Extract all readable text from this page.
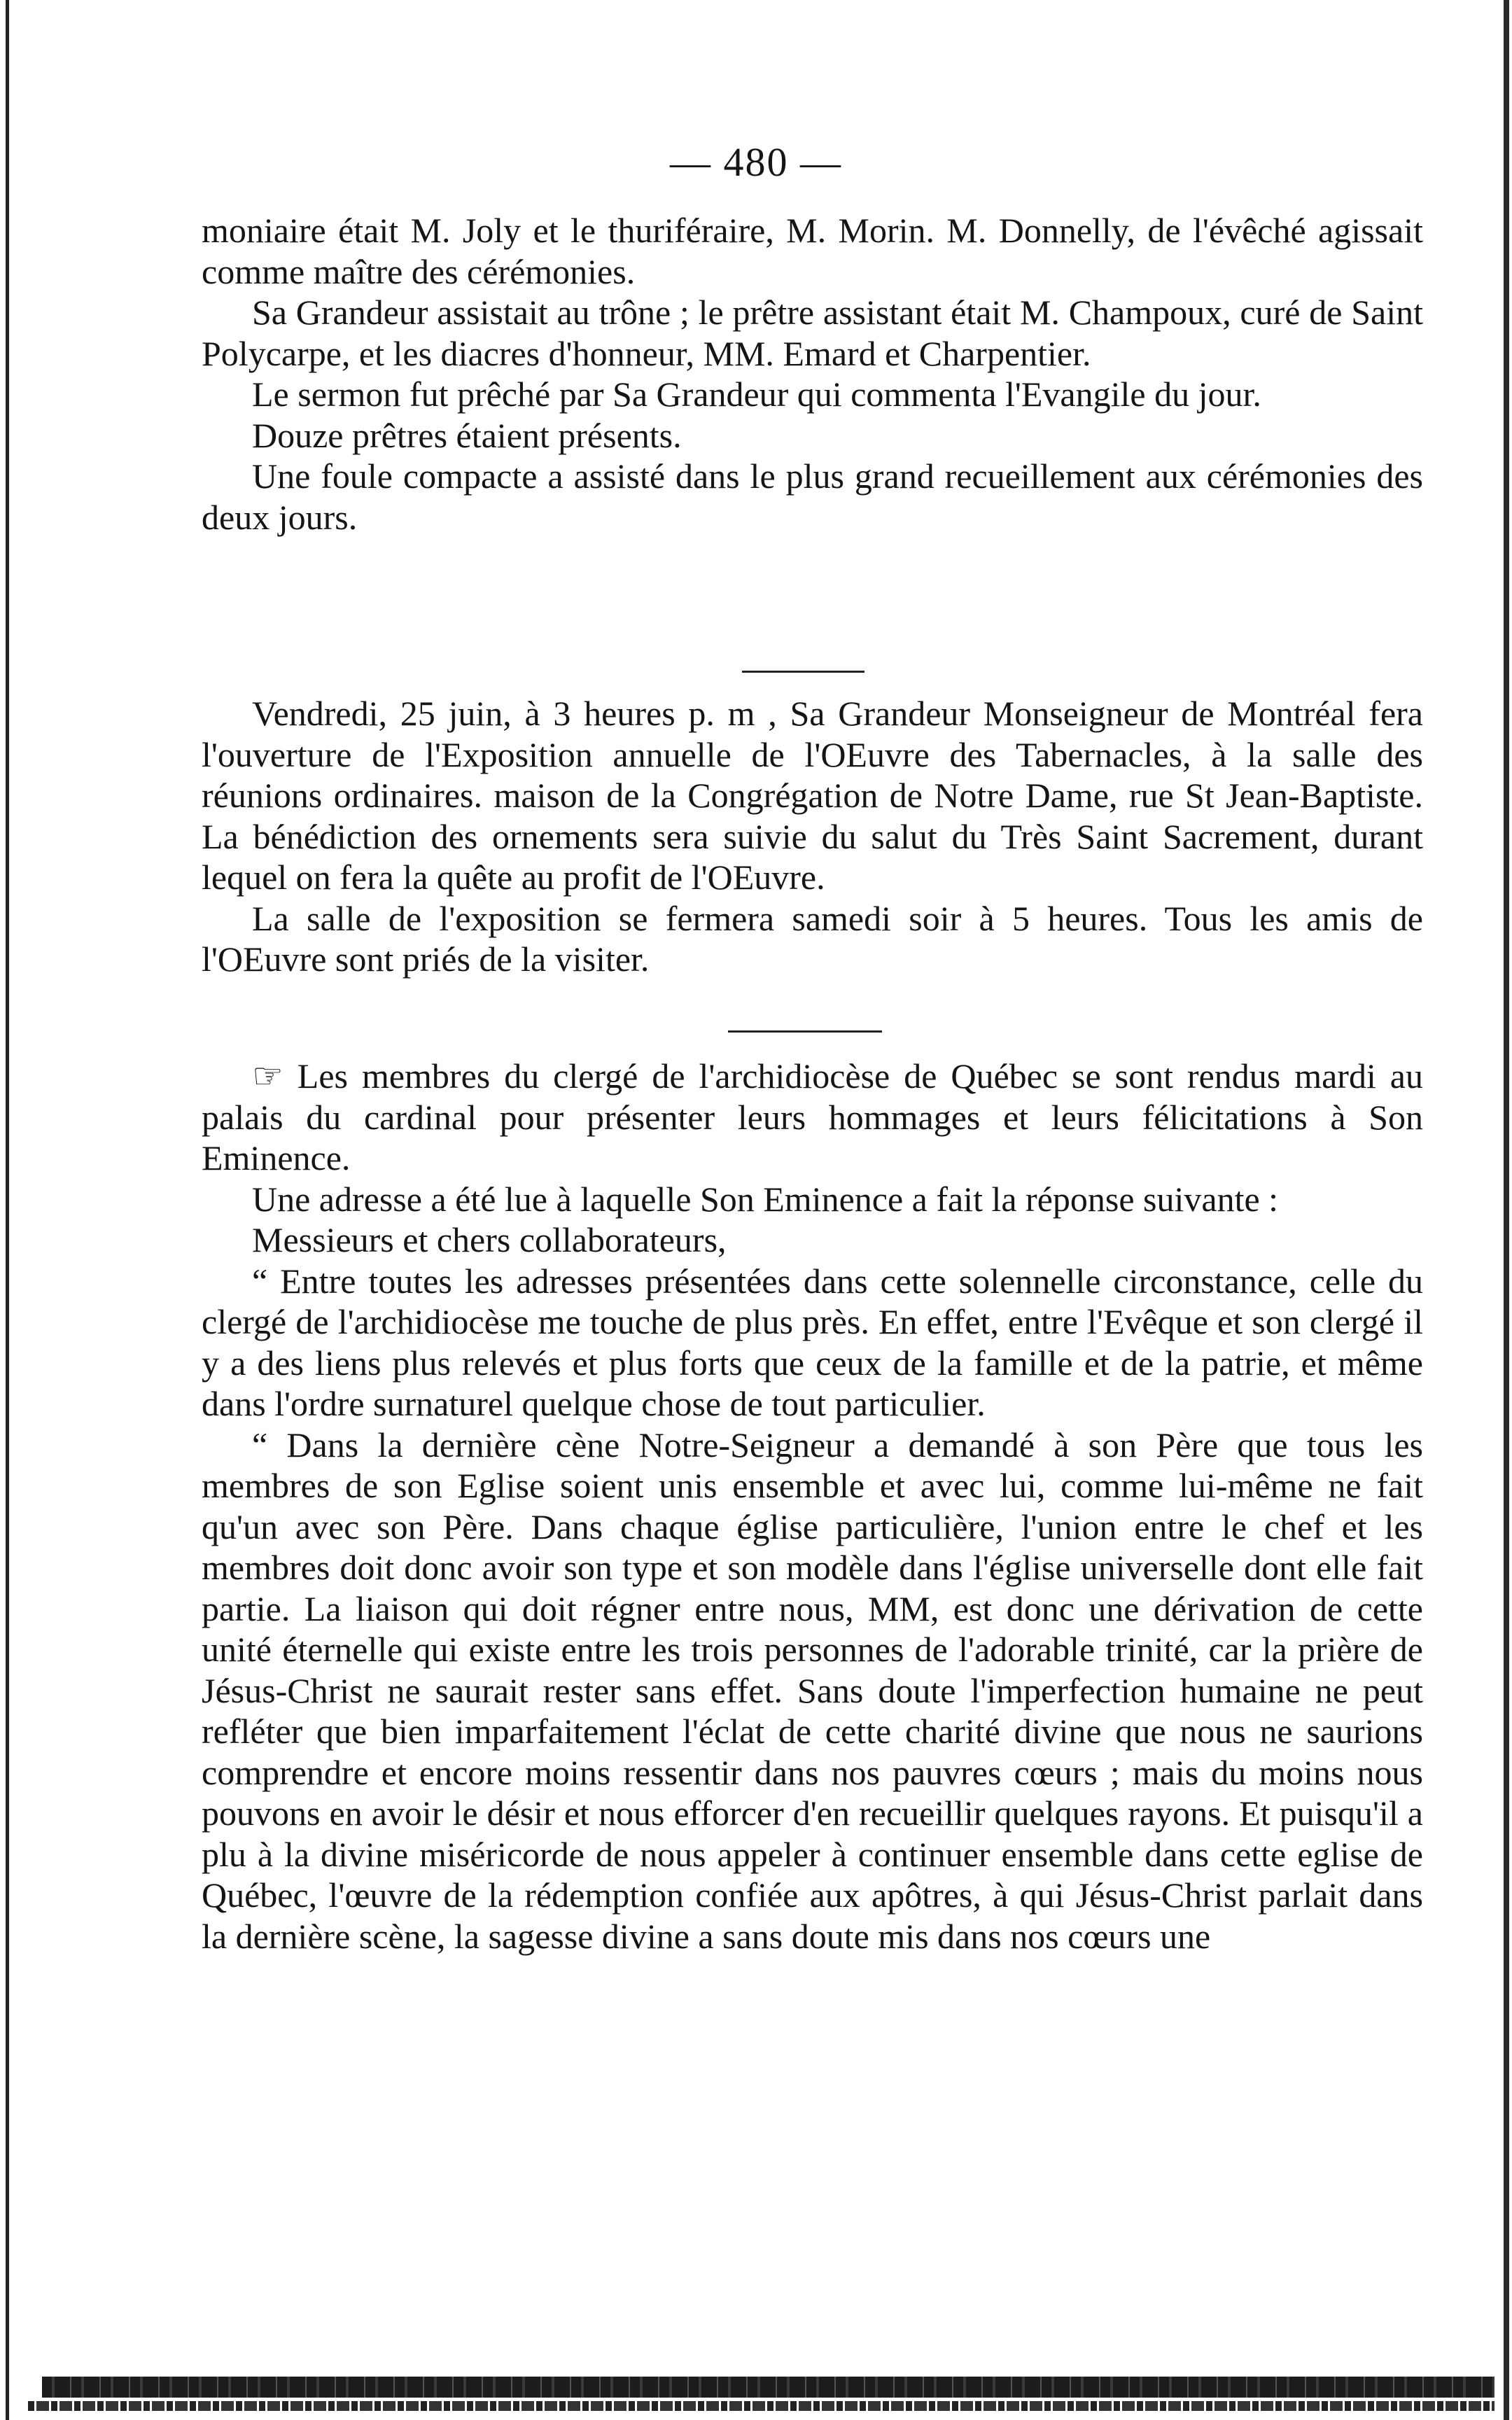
— 480 —

moniaire était M. Joly et le thuriféraire, M. Morin. M. Donnelly, de l'évêché agissait comme maître des cérémonies.

Sa Grandeur assistait au trône ; le prêtre assistant était M. Champoux, curé de Saint Polycarpe, et les diacres d'honneur, MM. Emard et Charpentier.

Le sermon fut prêché par Sa Grandeur qui commenta l'Evangile du jour.

Douze prêtres étaient présents.

Une foule compacte a assisté dans le plus grand recueillement aux cérémonies des deux jours.

Vendredi, 25 juin, à 3 heures p. m , Sa Grandeur Monseigneur de Montréal fera l'ouverture de l'Exposition annuelle de l'OEuvre des Tabernacles, à la salle des réunions ordinaires. maison de la Congrégation de Notre Dame, rue St Jean-Baptiste. La bénédiction des ornements sera suivie du salut du Très Saint Sacrement, durant lequel on fera la quête au profit de l'OEuvre.

La salle de l'exposition se fermera samedi soir à 5 heures. Tous les amis de l'OEuvre sont priés de la visiter.

☞ Les membres du clergé de l'archidiocèse de Québec se sont rendus mardi au palais du cardinal pour présenter leurs hommages et leurs félicitations à Son Eminence.

Une adresse a été lue à laquelle Son Eminence a fait la réponse suivante :

Messieurs et chers collaborateurs,

“ Entre toutes les adresses présentées dans cette solennelle circonstance, celle du clergé de l'archidiocèse me touche de plus près. En effet, entre l'Evêque et son clergé il y a des liens plus relevés et plus forts que ceux de la famille et de la patrie, et même dans l'ordre surnaturel quelque chose de tout particulier.

“ Dans la dernière cène Notre-Seigneur a demandé à son Père que tous les membres de son Eglise soient unis ensemble et avec lui, comme lui-même ne fait qu'un avec son Père. Dans chaque église particulière, l'union entre le chef et les membres doit donc avoir son type et son modèle dans l'église universelle dont elle fait partie. La liaison qui doit régner entre nous, MM, est donc une dérivation de cette unité éternelle qui existe entre les trois personnes de l'adorable trinité, car la prière de Jésus-Christ ne saurait rester sans effet. Sans doute l'imperfection humaine ne peut refléter que bien imparfaitement l'éclat de cette charité divine que nous ne saurions comprendre et encore moins ressentir dans nos pauvres cœurs ; mais du moins nous pouvons en avoir le désir et nous efforcer d'en recueillir quelques rayons. Et puisqu'il a plu à la divine miséricorde de nous appeler à continuer ensemble dans cette eglise de Québec, l'œuvre de la rédemption confiée aux apôtres, à qui Jésus-Christ parlait dans la dernière scène, la sagesse divine a sans doute mis dans nos cœurs une
